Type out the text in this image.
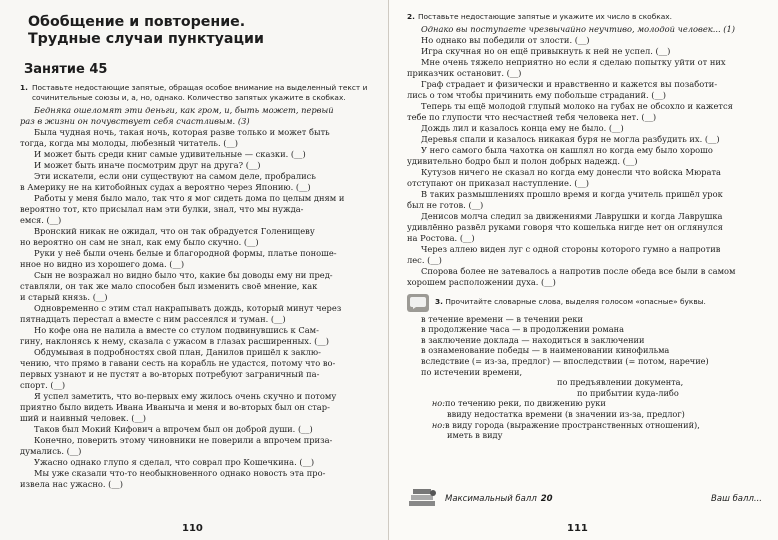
Обобщение и повторение.
Трудные случаи пунктуации
Занятие 45
1. Поставьте недостающие запятые, обращая особое внимание на выделенный текст и сочинительные союзы и, а, но, однако. Количество запятых укажите в скобках.

Беднякa ошеломят эти деньги, как гром, и, быть может, первый

раз в жизни он почувствует себя счастливым. (3)

Была чудная ночь, такая ночь, которая разве только и может быть

тогда, когда мы молоды, любезный читатель. (__)

И может быть среди книг самые удивительные — сказки. (__)

И может быть иначе посмотрим друг на друга? (__)

Эти искатели, если они существуют на самом деле, пробрались

в Америку не на китобойных судах а вероятно через Японию. (__)

Работы у меня было мало, так что я мог сидеть дома по целым дням и

вероятно тот, кто присылал нам эти булки, знал, что мы нужда-

емся. (__)

Вронский никак не ожидал, что он так обрадуется Голенищеву

но вероятно он сам не знал, как ему было скучно. (__)

Руки у неё были очень белые и благородной формы, платье поноше-

нное но видно из хорошего дома. (__)

Сын не возражал но видно было что, какие бы доводы ему ни пред-

ставляли, он так же мало способен был изменить своё мнение, как

и старый князь. (__)

Одновременно с этим стал накрапывать дождь, который минут через

пятнадцать перестал а вместе с ним рассеялся и туман. (__)

Но кофе она не налила а вместе со стулом подвинувшись к Сам-

гину, наклонясь к нему, сказала с ужасом в глазах расширенных. (__)

Обдумывая в подробностях свой план, Данилов пришёл к заклю-

чению, что прямо в гавани сесть на корабль не удастся, потому что во-

первых узнают и не пустят а во-вторых потребуют заграничный па-

спорт. (__)

Я успел заметить, что во-первых ему жилось очень скучно и потому

приятно было видеть Ивана Иваныча и меня и во-вторых был он стар-

ший и наивный человек. (__)

Таков был Мокий Кифович а впрочем был он доброй души. (__)

Конечно, поверить этому чиновники не поверили а впрочем приза-

думались. (__)

Ужасно однако глупо я сделал, что соврал про Кошечкина. (__)

Мы уже сказали что-то необыкновенного однако новость эта про-

извела нас ужасно. (__)

110
2. Поставьте недостающие запятые и укажите их число в скобках.

Однако вы поступаете чрезвычайно неучтиво, молодой человек... (1)

Но однако вы победили от злости. (__)

Игра скучная но он ещё привыкнуть к ней не успел. (__)

Мне очень тяжело неприятно но если я сделаю попытку уйти от них

приказчик остановит. (__)

Граф страдает и физически и нравственно и кажется вы позаботи-

лись о том чтобы причинить ему побольше страданий. (__)

Теперь ты ещё молодой глупый молоко на губах не обсохло и кажется

тебе по глупости что несчастней тебя человека нет. (__)

Дождь лил и казалось конца ему не было. (__)

Деревья спали и казалось никакая буря не могла разбудить их. (__)

У него самого была чахотка он кашлял но когда ему было хорошо

удивительно бодро был и полон добрых надежд. (__)

Кутузов ничего не сказал но когда ему донесли что войска Мюрата

отступают он приказал наступление. (__)

В таких размышлениях прошло время и когда учитель пришёл урок

был не готов. (__)

Денисов молча следил за движениями Лаврушки и когда Лаврушка

удивлённо развёл руками говоря что кошелька нигде нет он оглянулся

на Ростова. (__)

Через аллею виден луг с одной стороны которого гумно а напротив

лес. (__)

Спорова более не затевалось а напротив после обеда все были в самом

хорошем расположении духа. (__)

3. Прочитайте словарные слова, выделяя голосом «опасные» буквы.
в течение времени — в течении реки
в продолжение часа — в продолжении романа
в заключение доклада — находиться в заключении
в ознаменование победы — в наименовании кинофильма
вследствие (= из-за, предлог) — впоследствии (= потом, наречие)
по истечении времени,
по предъявлении документа,
по прибытии куда-либо
но:по течению реки, по движению руки
ввиду недостатка времени (в значении из-за, предлог)
но:в виду города (выражение пространственных отношений),
иметь в виду
Максимальный балл 20	Ваш балл...
111
